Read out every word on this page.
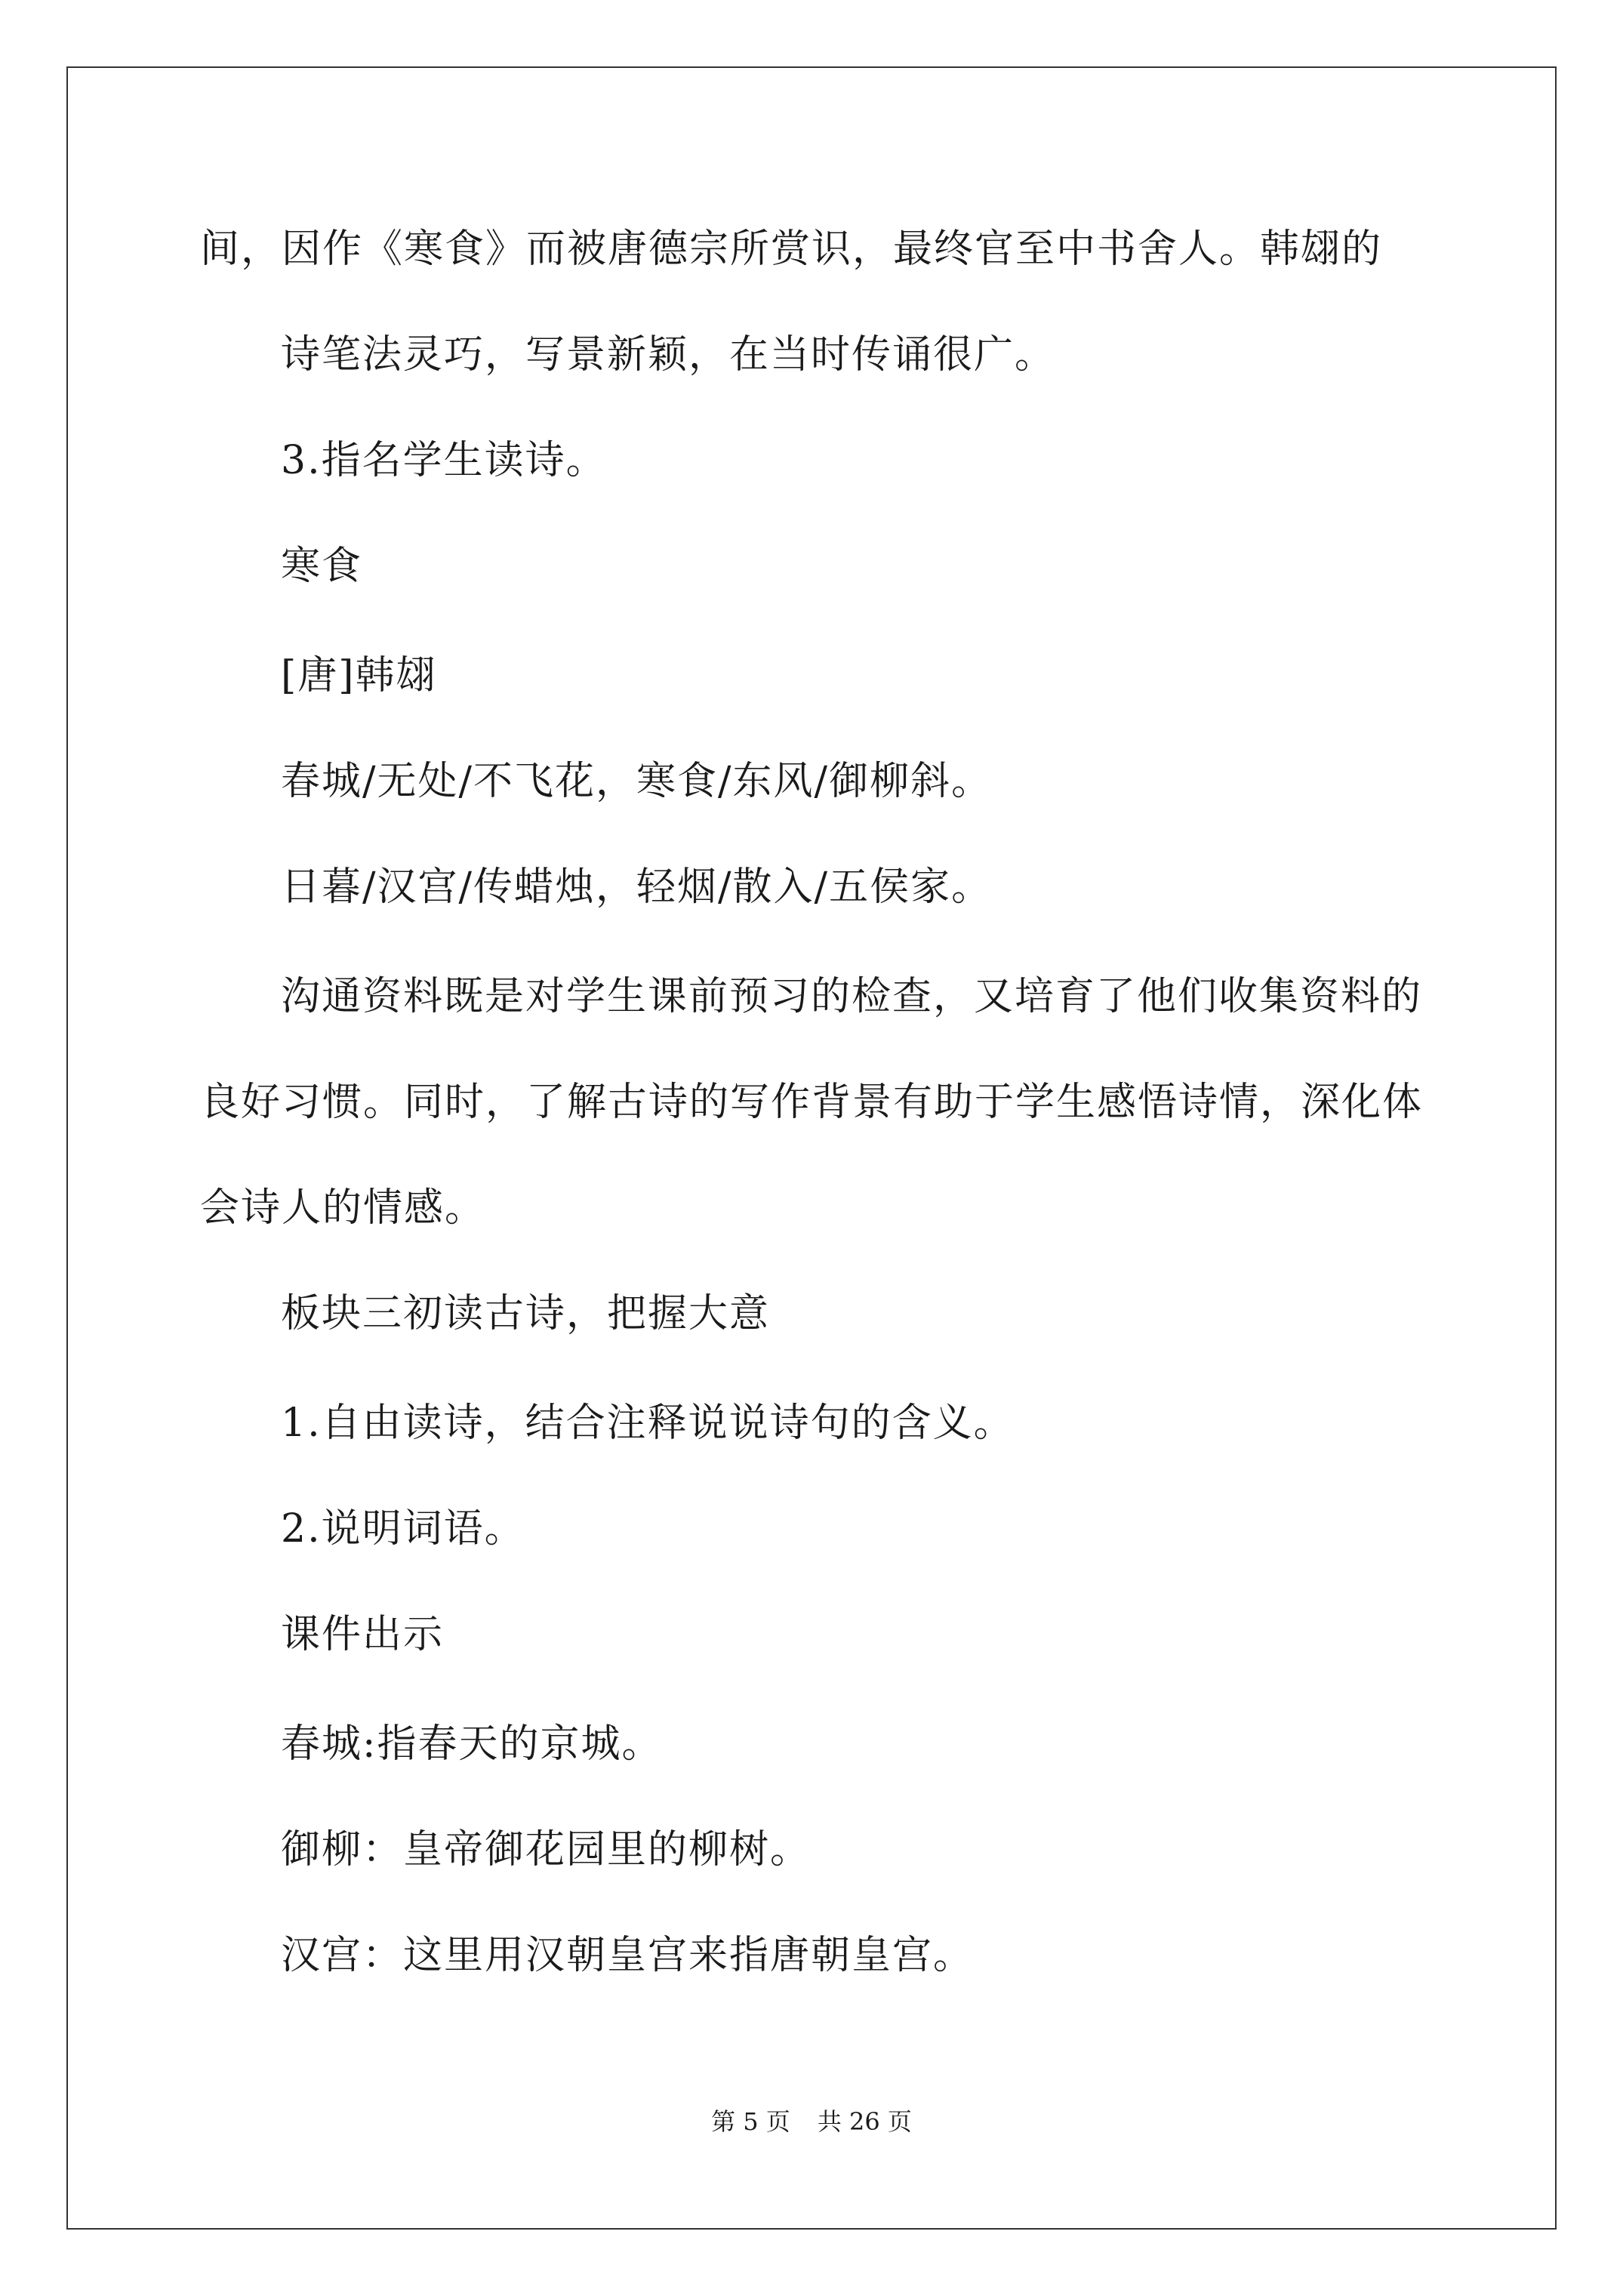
间，因作《寒食》而被唐德宗所赏识，最终官至中书舍人。韩翃的
诗笔法灵巧，写景新颖，在当时传诵很广。
3.指名学生读诗。
寒食
[唐]韩翃
春城/无处/不飞花，寒食/东风/御柳斜。
日暮/汉宫/传蜡烛，轻烟/散入/五侯家。
沟通资料既是对学生课前预习的检查，又培育了他们收集资料的
良好习惯。同时，了解古诗的写作背景有助于学生感悟诗情，深化体
会诗人的情感。
板块三初读古诗，把握大意
1.自由读诗，结合注释说说诗句的含义。
2.说明词语。
课件出示
春城:指春天的京城。
御柳：皇帝御花园里的柳树。
汉宫：这里用汉朝皇宫来指唐朝皇宫。
第 5 页 共 26 页
